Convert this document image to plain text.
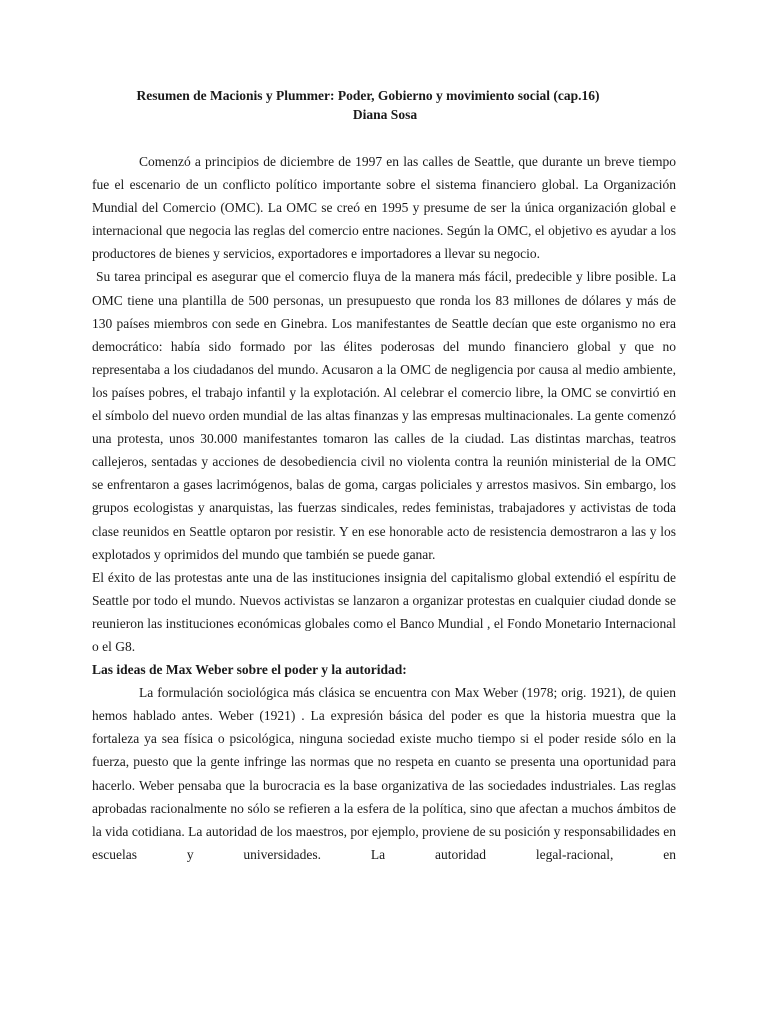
Resumen de Macionis y Plummer: Poder, Gobierno y movimiento social (cap.16)
Diana Sosa

Comenzó a principios de diciembre de 1997 en las calles de Seattle, que durante un breve tiempo fue el escenario de un conflicto político importante sobre el sistema financiero global. La Organización Mundial del Comercio (OMC). La OMC se creó en 1995 y presume de ser la única organización global e internacional que negocia las reglas del comercio entre naciones. Según la OMC, el objetivo es ayudar a los productores de bienes y servicios, exportadores e importadores a llevar su negocio.

Su tarea principal es asegurar que el comercio fluya de la manera más fácil, predecible y libre posible. La OMC tiene una plantilla de 500 personas, un presupuesto que ronda los 83 millones de dólares y más de 130 países miembros con sede en Ginebra. Los manifestantes de Seattle decían que este organismo no era democrático: había sido formado por las élites poderosas del mundo financiero global y que no representaba a los ciudadanos del mundo. Acusaron a la OMC de negligencia por causa al medio ambiente, los países pobres, el trabajo infantil y la explotación. Al celebrar el comercio libre, la OMC se convirtió en el símbolo del nuevo orden mundial de las altas finanzas y las empresas multinacionales. La gente comenzó una protesta, unos 30.000 manifestantes tomaron las calles de la ciudad. Las distintas marchas, teatros callejeros, sentadas y acciones de desobediencia civil no violenta contra la reunión ministerial de la OMC se enfrentaron a gases lacrimógenos, balas de goma, cargas policiales y arrestos masivos. Sin embargo, los grupos ecologistas y anarquistas, las fuerzas sindicales, redes feministas, trabajadores y activistas de toda clase reunidos en Seattle optaron por resistir. Y en ese honorable acto de resistencia demostraron a las y los explotados y oprimidos del mundo que también se puede ganar.

El éxito de las protestas ante una de las instituciones insignia del capitalismo global extendió el espíritu de Seattle por todo el mundo. Nuevos activistas se lanzaron a organizar protestas en cualquier ciudad donde se reunieron las instituciones económicas globales como el Banco Mundial , el Fondo Monetario Internacional o el G8.

Las ideas de Max Weber sobre el poder y la autoridad:

La formulación sociológica más clásica se encuentra con Max Weber (1978; orig. 1921), de quien hemos hablado antes. Weber (1921) . La expresión básica del poder es que la historia muestra que la fortaleza ya sea física o psicológica, ninguna sociedad existe mucho tiempo si el poder reside sólo en la fuerza, puesto que la gente infringe las normas que no respeta en cuanto se presenta una oportunidad para hacerlo. Weber pensaba que la burocracia es la base organizativa de las sociedades industriales. Las reglas aprobadas racionalmente no sólo se refieren a la esfera de la política, sino que afectan a muchos ámbitos de la vida cotidiana. La autoridad de los maestros, por ejemplo, proviene de su posición y responsabilidades en escuelas y universidades. La autoridad legal-racional, en
